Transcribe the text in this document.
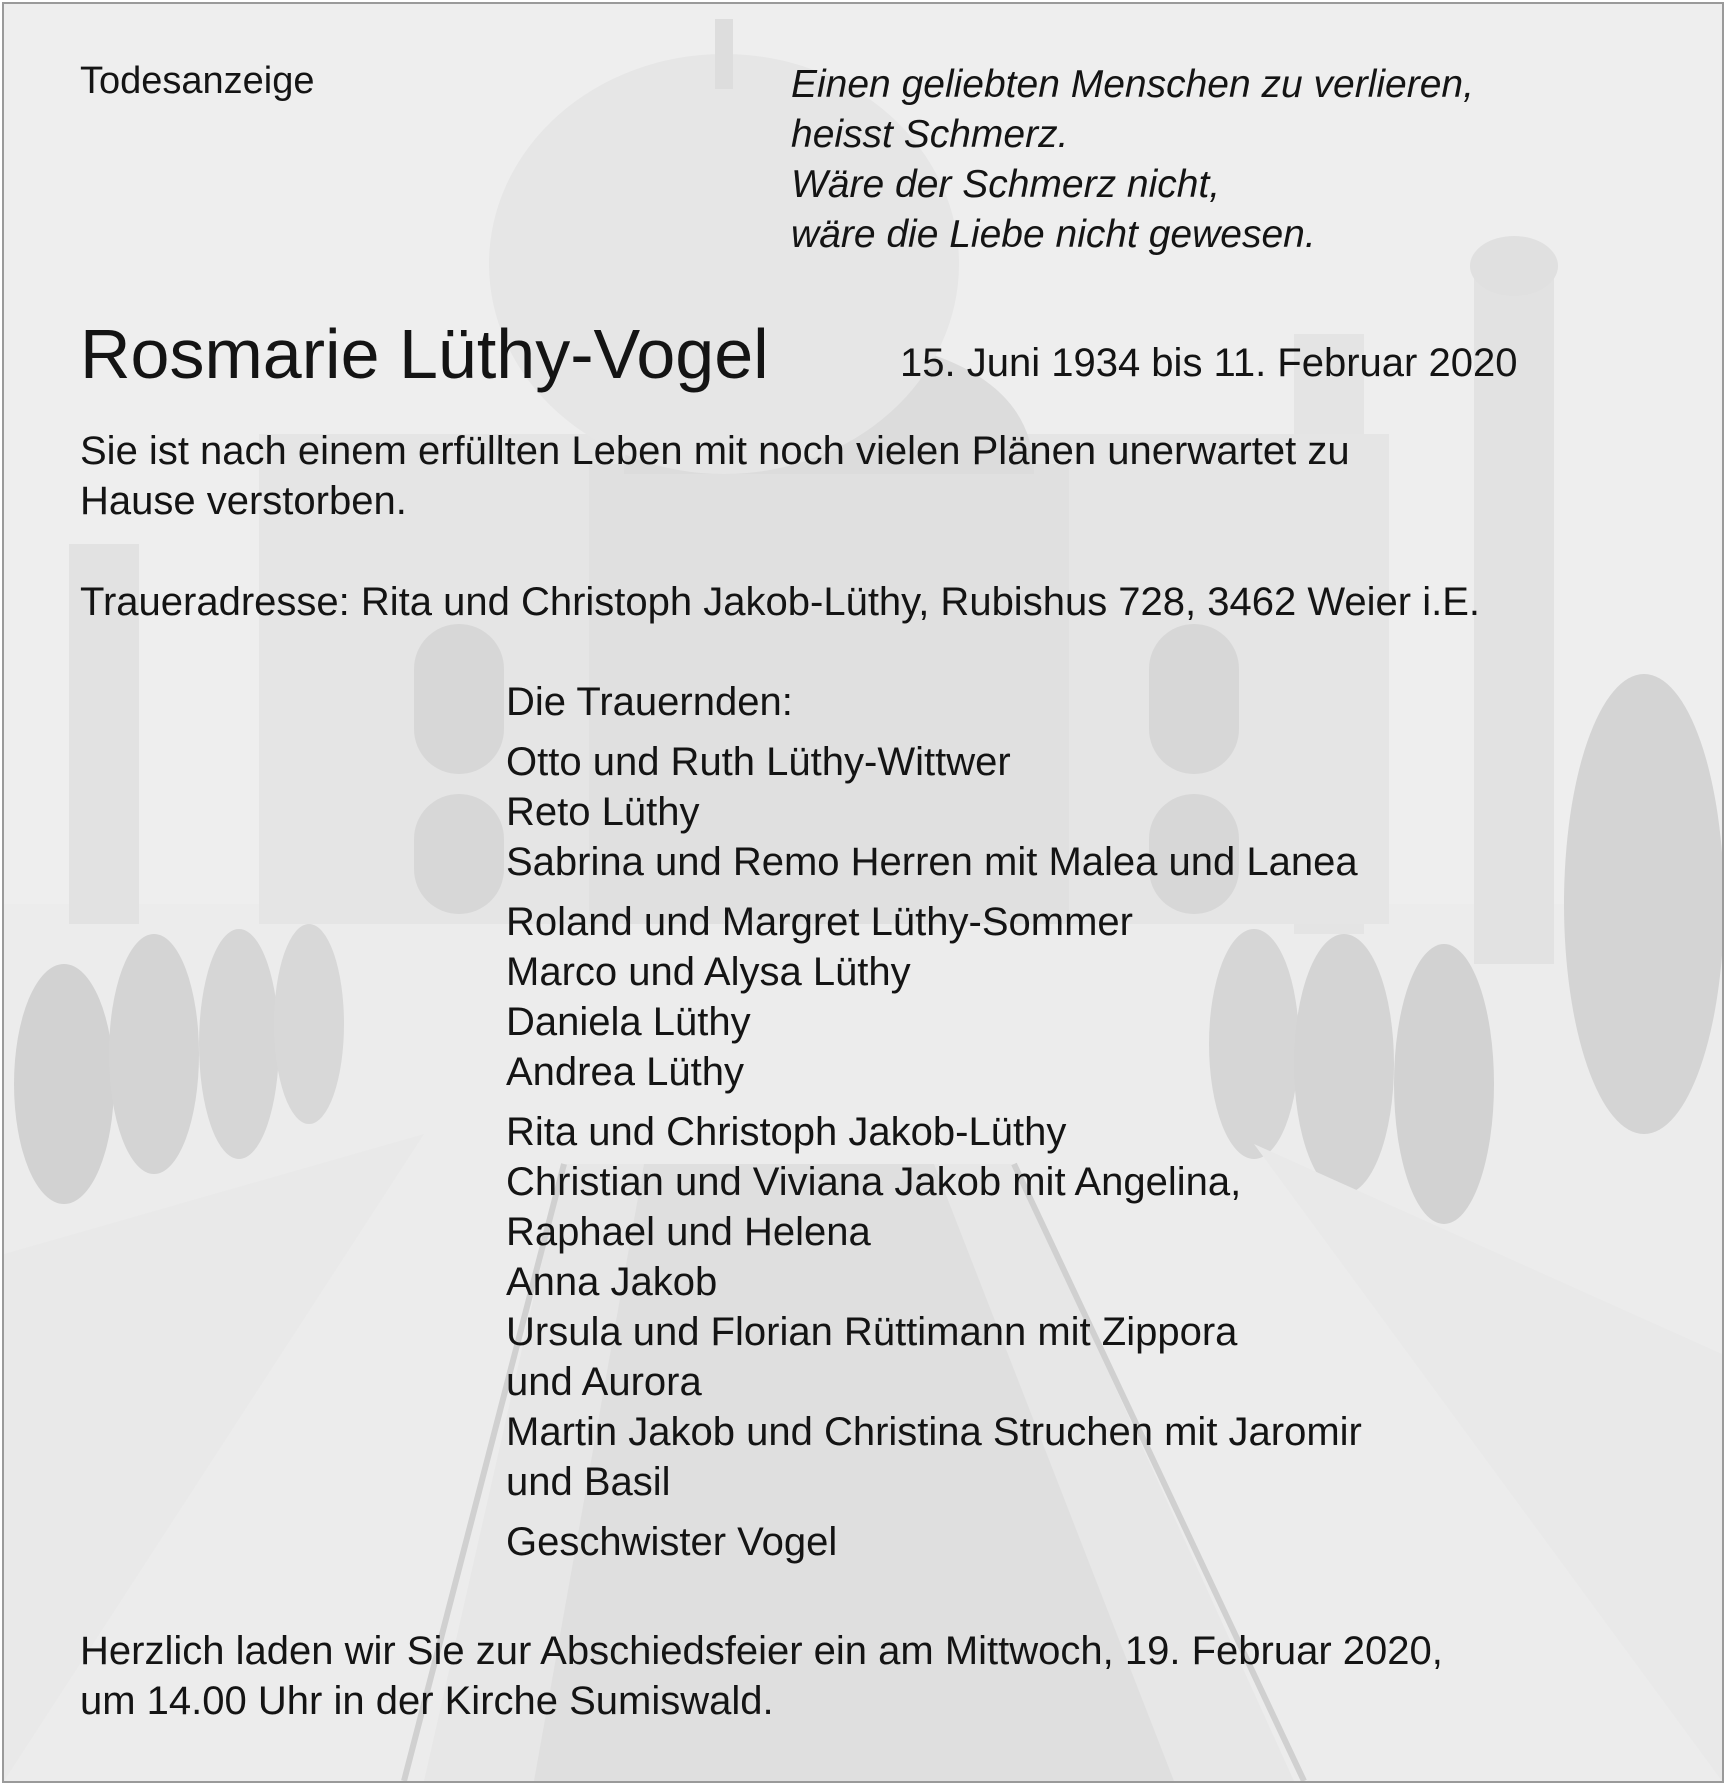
Todesanzeige	Einen geliebten Menschen zu verlieren,
heisst Schmerz.
Wäre der Schmerz nicht,
wäre die Liebe nicht gewesen.
Rosmarie Lüthy-Vogel	15. Juni 1934 bis 11. Februar 2020
Sie ist nach einem erfüllten Leben mit noch vielen Plänen unerwartet zu
Hause verstorben.
Traueradresse: Rita und Christoph Jakob-Lüthy, Rubishus 728, 3462 Weier i.E.
Die Trauernden:
Otto und Ruth Lüthy-Wittwer
Reto Lüthy
Sabrina und Remo Herren mit Malea und Lanea
Roland und Margret Lüthy-Sommer
Marco und Alysa Lüthy
Daniela Lüthy
Andrea Lüthy
Rita und Christoph Jakob-Lüthy
Christian und Viviana Jakob mit Angelina,
Raphael und Helena
Anna Jakob
Ursula und Florian Rüttimann mit Zippora
und Aurora
Martin Jakob und Christina Struchen mit Jaromir
und Basil
Geschwister Vogel
Herzlich laden wir Sie zur Abschiedsfeier ein am Mittwoch, 19. Februar 2020,
um 14.00 Uhr in der Kirche Sumiswald.
